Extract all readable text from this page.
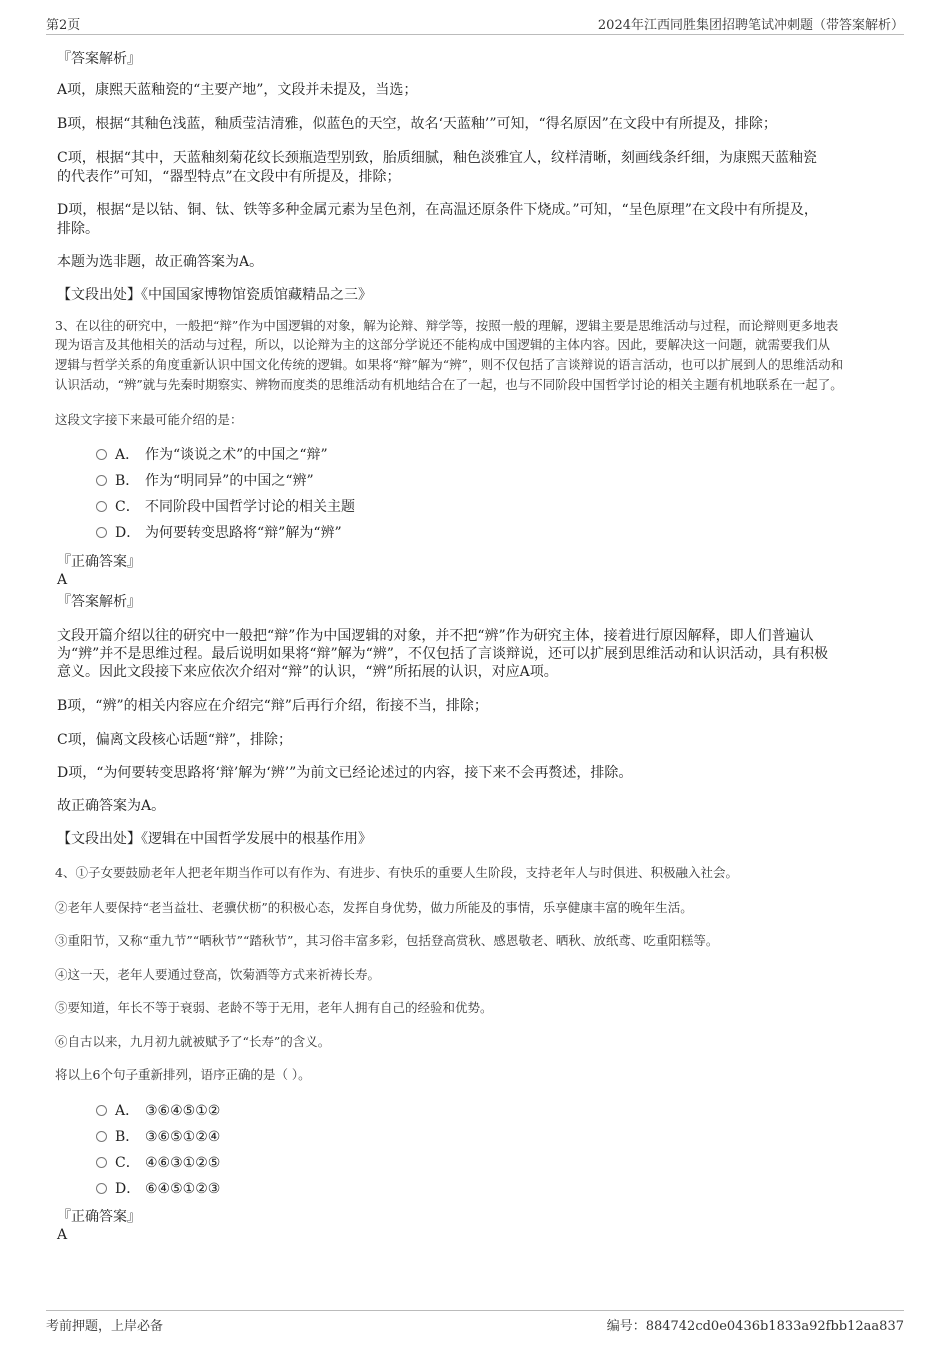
第2页	2024年江西同胜集团招聘笔试冲刺题（带答案解析）
『答案解析』
A项，康熙天蓝釉瓷的“主要产地”，文段并未提及，当选；
B项，根据“其釉色浅蓝，釉质莹洁清雅，似蓝色的天空，故名‘天蓝釉’”可知，“得名原因”在文段中有所提及，排除；
C项，根据“其中，天蓝釉刻菊花纹长颈瓶造型别致，胎质细腻，釉色淡雅宜人，纹样清晰，刻画线条纤细，为康熙天蓝釉瓷
的代表作”可知，“器型特点”在文段中有所提及，排除；
D项，根据“是以钴、铜、钛、铁等多种金属元素为呈色剂，在高温还原条件下烧成。”可知，“呈色原理”在文段中有所提及，
排除。
本题为选非题，故正确答案为A。
【文段出处】《中国国家博物馆瓷质馆藏精品之三》
3、在以往的研究中，一般把“辩”作为中国逻辑的对象，解为论辩、辩学等，按照一般的理解，逻辑主要是思维活动与过程，而论辩则更多地表
现为语言及其他相关的活动与过程，所以，以论辩为主的这部分学说还不能构成中国逻辑的主体内容。因此，要解决这一问题，就需要我们从
逻辑与哲学关系的角度重新认识中国文化传统的逻辑。如果将“辩”解为“辨”，则不仅包括了言谈辩说的语言活动，也可以扩展到人的思维活动和
认识活动，“辨”就与先秦时期察实、辨物而度类的思维活动有机地结合在了一起，也与不同阶段中国哲学讨论的相关主题有机地联系在一起了。
这段文字接下来最可能介绍的是：
A． 作为“谈说之术”的中国之“辩”
B． 作为“明同异”的中国之“辨”
C． 不同阶段中国哲学讨论的相关主题
D． 为何要转变思路将“辩”解为“辨”
『正确答案』
A
『答案解析』
文段开篇介绍以往的研究中一般把“辩”作为中国逻辑的对象，并不把“辨”作为研究主体，接着进行原因解释，即人们普遍认
为“辨”并不是思维过程。最后说明如果将“辩”解为“辨”，不仅包括了言谈辩说，还可以扩展到思维活动和认识活动，具有积极
意义。因此文段接下来应依次介绍对“辩”的认识，“辨”所拓展的认识，对应A项。
B项，“辨”的相关内容应在介绍完“辩”后再行介绍，衔接不当，排除；
C项，偏离文段核心话题“辩”，排除；
D项，“为何要转变思路将‘辩’解为‘辨’”为前文已经论述过的内容，接下来不会再赘述，排除。
故正确答案为A。
【文段出处】《逻辑在中国哲学发展中的根基作用》
4、①子女要鼓励老年人把老年期当作可以有作为、有进步、有快乐的重要人生阶段，支持老年人与时俱进、积极融入社会。
②老年人要保持“老当益壮、老骥伏枥”的积极心态，发挥自身优势，做力所能及的事情，乐享健康丰富的晚年生活。
③重阳节，又称“重九节”“晒秋节”“踏秋节”，其习俗丰富多彩，包括登高赏秋、感恩敬老、晒秋、放纸鸢、吃重阳糕等。
④这一天，老年人要通过登高，饮菊酒等方式来祈祷长寿。
⑤要知道，年长不等于衰弱、老龄不等于无用，老年人拥有自己的经验和优势。
⑥自古以来，九月初九就被赋予了“长寿”的含义。
将以上6个句子重新排列，语序正确的是（ ）。
A． ③⑥④⑤①②
B． ③⑥⑤①②④
C． ④⑥③①②⑤
D． ⑥④⑤①②③
『正确答案』
A
考前押题，上岸必备	编号：884742cd0e0436b1833a92fbb12aa837
